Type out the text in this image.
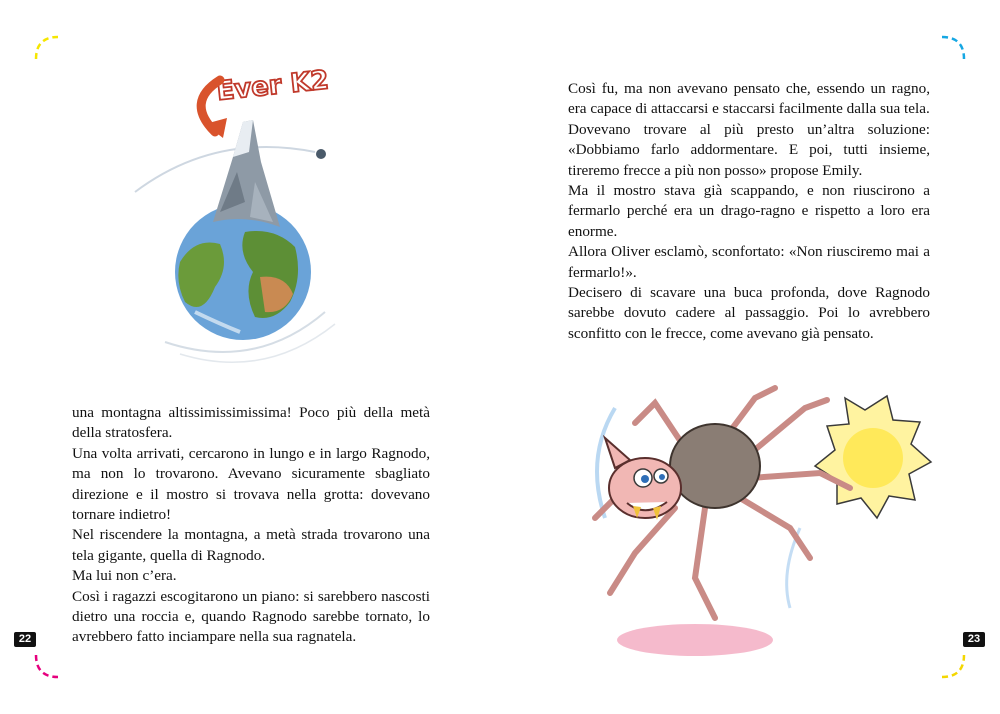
Ever K2

una montagna altissimissimissima! Poco più della metà della stratosfera.

Una volta arrivati, cercarono in lungo e in largo Ragnodo, ma non lo trovarono. Avevano sicuramente sbagliato direzione e il mostro si trovava nella grotta: dovevano tornare indietro!

Nel riscendere la montagna, a metà strada trovarono una tela gigante, quella di Ragnodo.

Ma lui non c’era.

Così i ragazzi escogitarono un piano: si sarebbero nascosti dietro una roccia e, quando Ragnodo sarebbe tornato, lo avrebbero fatto inciampare nella sua ragnatela.

Così fu, ma non avevano pensato che, essendo un ragno, era capace di attaccarsi e staccarsi facilmente dalla sua tela.

Dovevano trovare al più presto un’altra soluzione: «Dobbiamo farlo addormentare. E poi, tutti insieme, tireremo frecce a più non posso» propose Emily.

Ma il mostro stava già scappando, e non riuscirono a fermarlo perché era un drago-ragno e rispetto a loro era enorme.

Allora Oliver esclamò, sconfortato: «Non riusciremo mai a fermarlo!».

Decisero di scavare una buca profonda, dove Ragnodo sarebbe dovuto cadere al passaggio. Poi lo avrebbero sconfitto con le frecce, come avevano già pensato.

22	23
